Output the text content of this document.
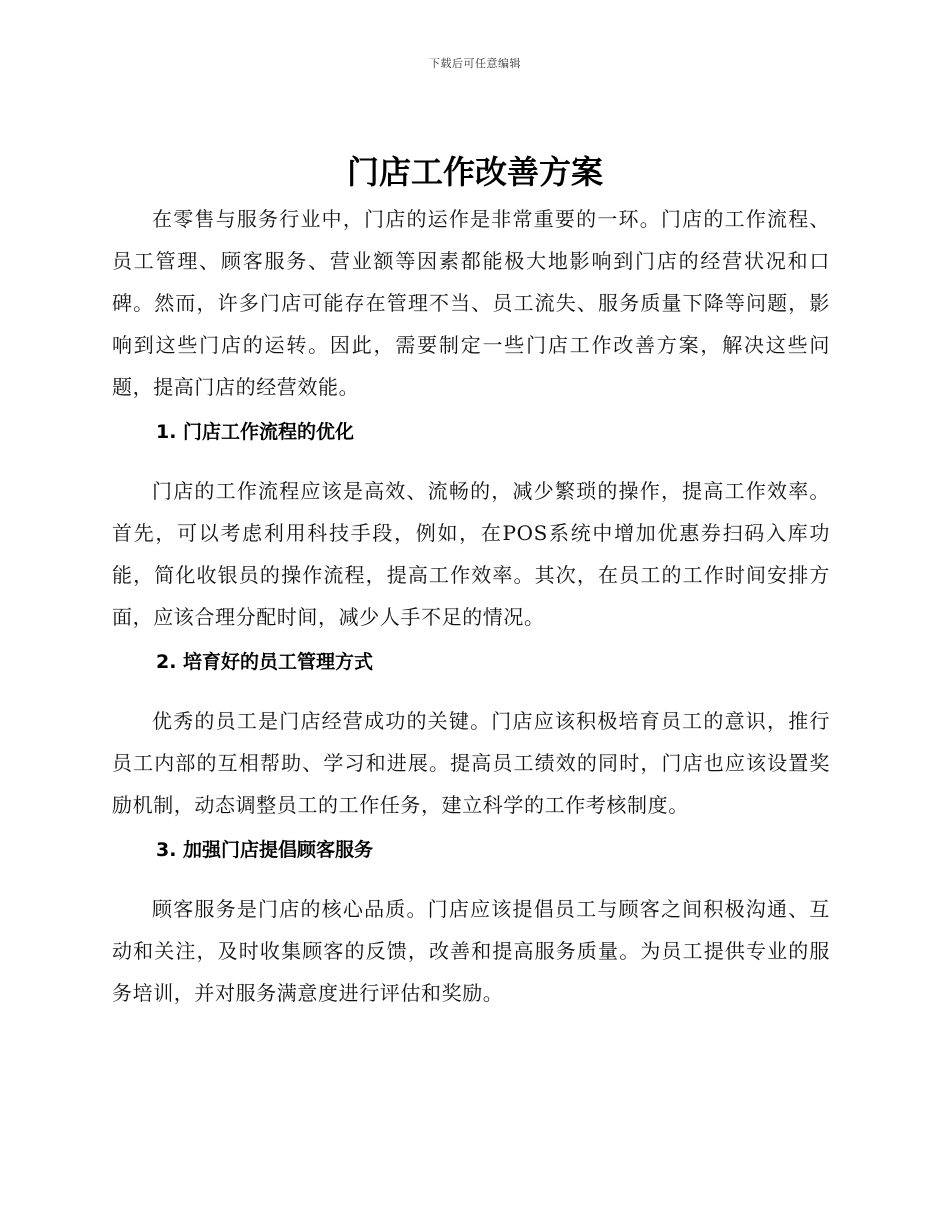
下载后可任意编辑
门店工作改善方案

在零售与服务行业中，门店的运作是非常重要的一环。门店的工作流程、员工管理、顾客服务、营业额等因素都能极大地影响到门店的经营状况和口碑。然而，许多门店可能存在管理不当、员工流失、服务质量下降等问题，影响到这些门店的运转。因此，需要制定一些门店工作改善方案，解决这些问题，提高门店的经营效能。

1. 门店工作流程的优化

门店的工作流程应该是高效、流畅的，减少繁琐的操作，提高工作效率。首先，可以考虑利用科技手段，例如，在POS系统中增加优惠券扫码入库功能，简化收银员的操作流程，提高工作效率。其次，在员工的工作时间安排方面，应该合理分配时间，减少人手不足的情况。

2. 培育好的员工管理方式

优秀的员工是门店经营成功的关键。门店应该积极培育员工的意识，推行员工内部的互相帮助、学习和进展。提高员工绩效的同时，门店也应该设置奖励机制，动态调整员工的工作任务，建立科学的工作考核制度。

3. 加强门店提倡顾客服务

顾客服务是门店的核心品质。门店应该提倡员工与顾客之间积极沟通、互动和关注，及时收集顾客的反馈，改善和提高服务质量。为员工提供专业的服务培训，并对服务满意度进行评估和奖励。
